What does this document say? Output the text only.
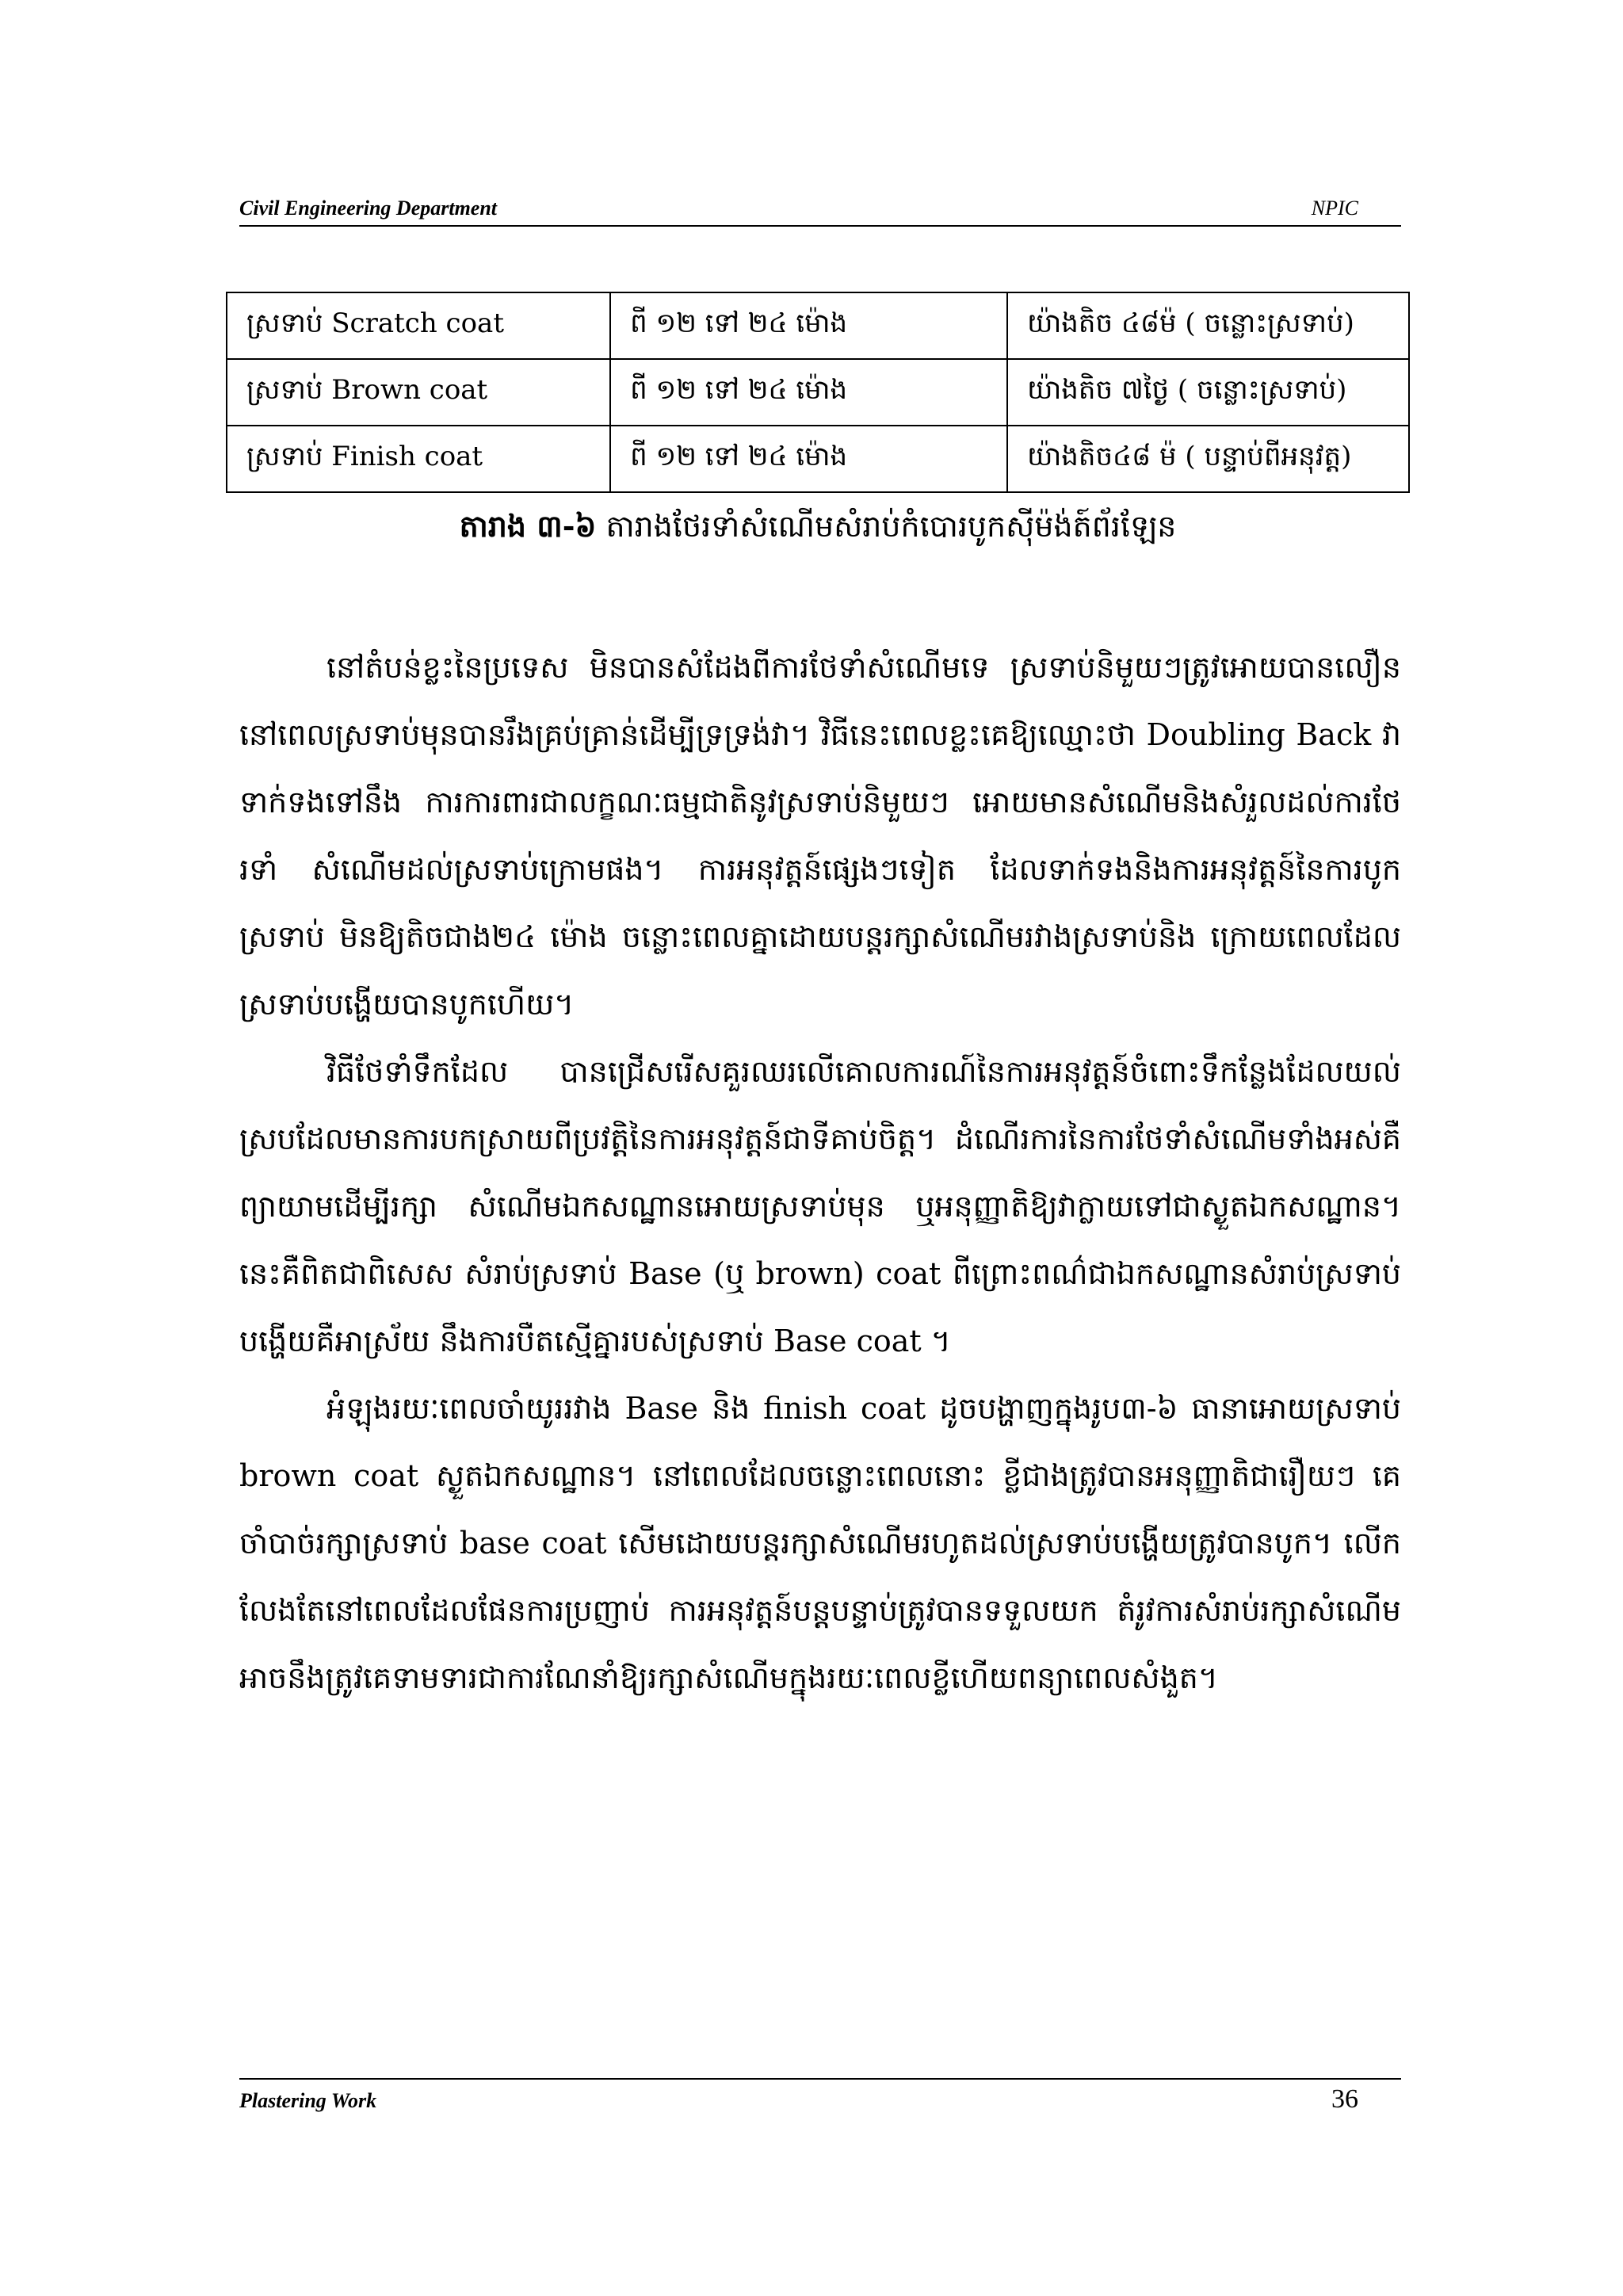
Civil Engineering Department	NPIC
ស្រទាប់ Scratch coat	ពី ១២ ទៅ ២៤ ម៉ោង	យ៉ាងតិច ៤៨ម៉ ( ចន្លោះស្រទាប់)
ស្រទាប់ Brown coat	ពី ១២ ទៅ ២៤ ម៉ោង	យ៉ាងតិច ៧ថ្ងៃ ( ចន្លោះស្រទាប់)
ស្រទាប់ Finish coat	ពី ១២ ទៅ ២៤ ម៉ោង	យ៉ាងតិច៤៨ ម៉ ( បន្ទាប់ពីអនុវត្ត)
តារាង ៣-៦ តារាងថែរទាំសំណើមសំរាប់កំបោរបូកស៊ីម៉ង់ត៍ព័រឡែន

នៅតំបន់ខ្លះនៃប្រទេស មិនបានសំដែងពីការថែទាំសំណើមទេ ស្រទាប់និមួយៗត្រូវអោយបានលឿន នៅពេលស្រទាប់មុនបានរឹងគ្រប់គ្រាន់ដើម្បីទ្រទ្រង់វា។ វិធីនេះពេលខ្លះគេឱ្យឈ្មោះថា Doubling Back វាទាក់ទងទៅនឹង ការការពារជាលក្ខណៈធម្មជាតិនូវស្រទាប់និមួយៗ អោយមានសំណើមនិងសំរួលដល់ការថែរទាំ សំណើមដល់ស្រទាប់ក្រោមផង។ ការអនុវត្តន៍ផ្សេងៗទៀត ដែលទាក់ទងនិងការអនុវត្តន៍នៃការបូកស្រទាប់ មិនឱ្យតិចជាង២៤ ម៉ោង ចន្លោះពេលគ្នាដោយបន្តរក្សាសំណើមរវាងស្រទាប់និង ក្រោយពេលដែលស្រទាប់បង្ហើយបានបូកហើយ។

វិធីថែទាំទឹកដែល បានជ្រើសរើសគួរឈរលើគោលការណ៍នៃការអនុវត្តន៍ចំពោះទឹកន្លែងដែលយល់ស្របដែលមានការបកស្រាយពីប្រវត្តិនៃការអនុវត្តន៍ជាទីគាប់ចិត្ត។ ដំណើរការនៃការថែទាំសំណើមទាំងអស់គឺព្យាយាមដើម្បីរក្សា សំណើមឯកសណ្ឋានអោយស្រទាប់មុន ឬអនុញ្ញាតិឱ្យវាក្លាយទៅជាស្ងួតឯកសណ្ឋាន។ នេះគឺពិតជាពិសេស សំរាប់ស្រទាប់ Base (ឬ brown) coat ពីព្រោះពណ៌ជាឯកសណ្ឋានសំរាប់ស្រទាប់បង្ហើយគឺអាស្រ័យ នឹងការបឺតស្មើគ្នារបស់ស្រទាប់ Base coat ។

អំឡុងរយៈពេលចាំយូររវាង Base និង finish coat ដូចបង្ហាញក្នុងរូប៣-៦ ធានាអោយស្រទាប់ brown coat ស្ងួតឯកសណ្ឋាន។ នៅពេលដែលចន្លោះពេលនោះ ខ្លីជាងត្រូវបានអនុញ្ញាតិជារឿយៗ គេចាំបាច់រក្សាស្រទាប់ base coat សើមដោយបន្តរក្សាសំណើមរហូតដល់ស្រទាប់បង្ហើយត្រូវបានបូក។ លើកលែងតែនៅពេលដែលផែនការប្រញាប់ ការអនុវត្តន៍បន្តបន្ទាប់ត្រូវបានទទួលយក តំរូវការសំរាប់រក្សាសំណើមអាចនឹងត្រូវគេទាមទារជាការណែនាំឱ្យរក្សាសំណើមក្នុងរយៈពេលខ្លីហើយពន្យាពេលសំងួត។

Plastering Work	36
